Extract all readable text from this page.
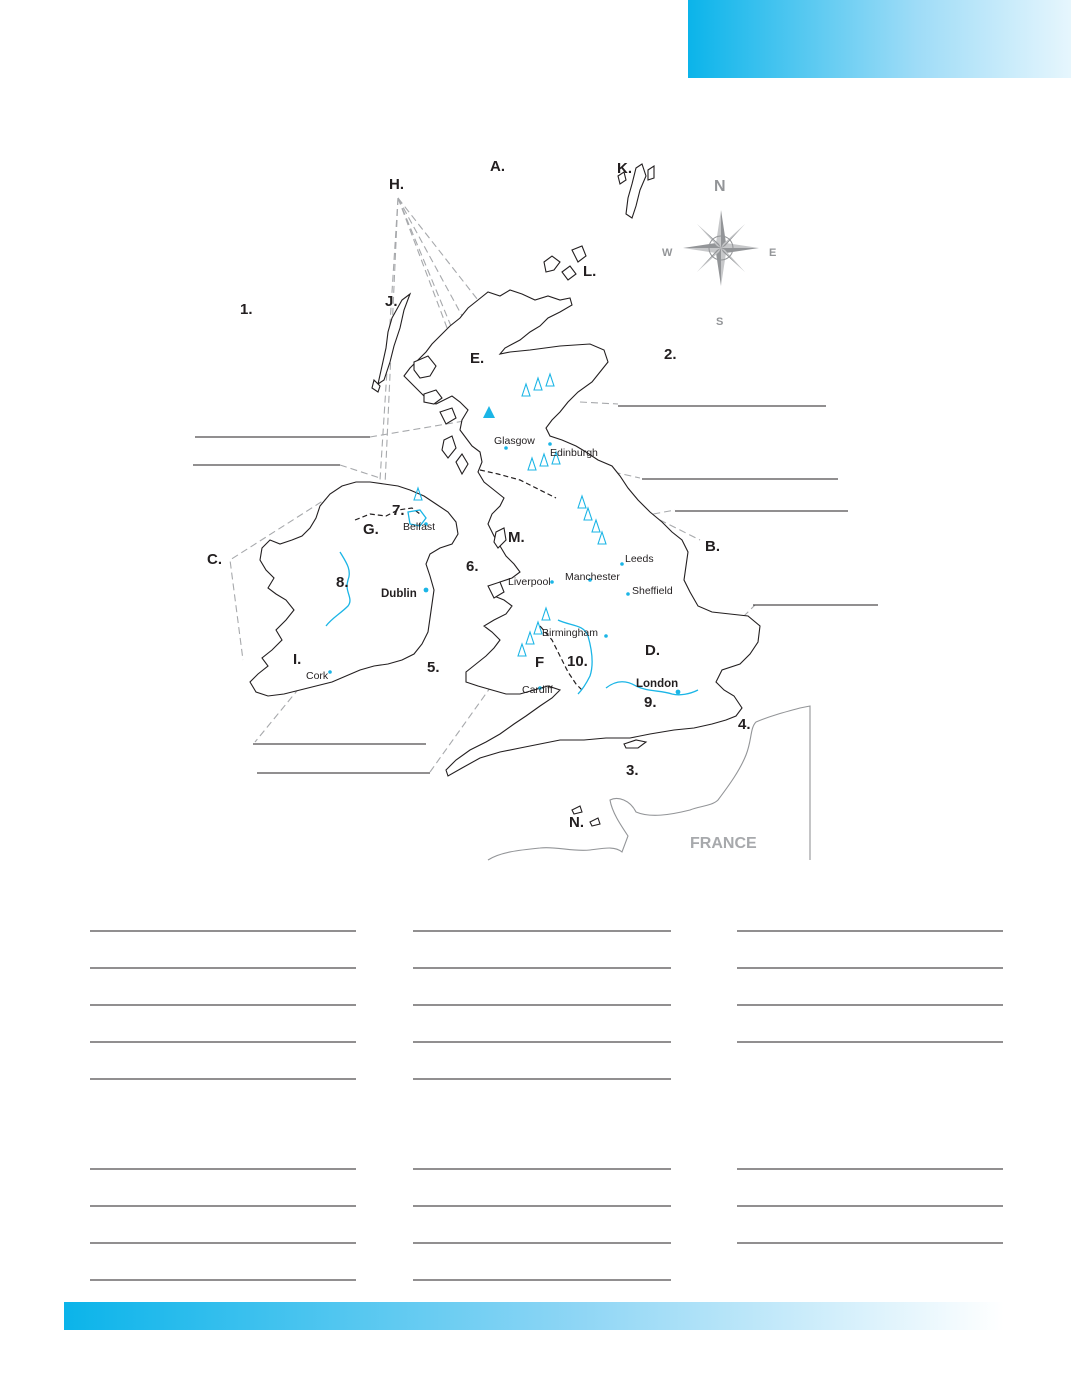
Glasgow
Edinburgh
Belfast
Leeds
Manchester
Sheffield
Liverpool
Birmingham
Cardiff
Cork
Dublin
London
A.
H.
K.
L.
J.
E.
B.
C.
G.	M.
I.	F
D.
N.
1.
2.
3.
4.
5.
6.
7.
8.
9.
10.
FRANCE
N
S
E
W
